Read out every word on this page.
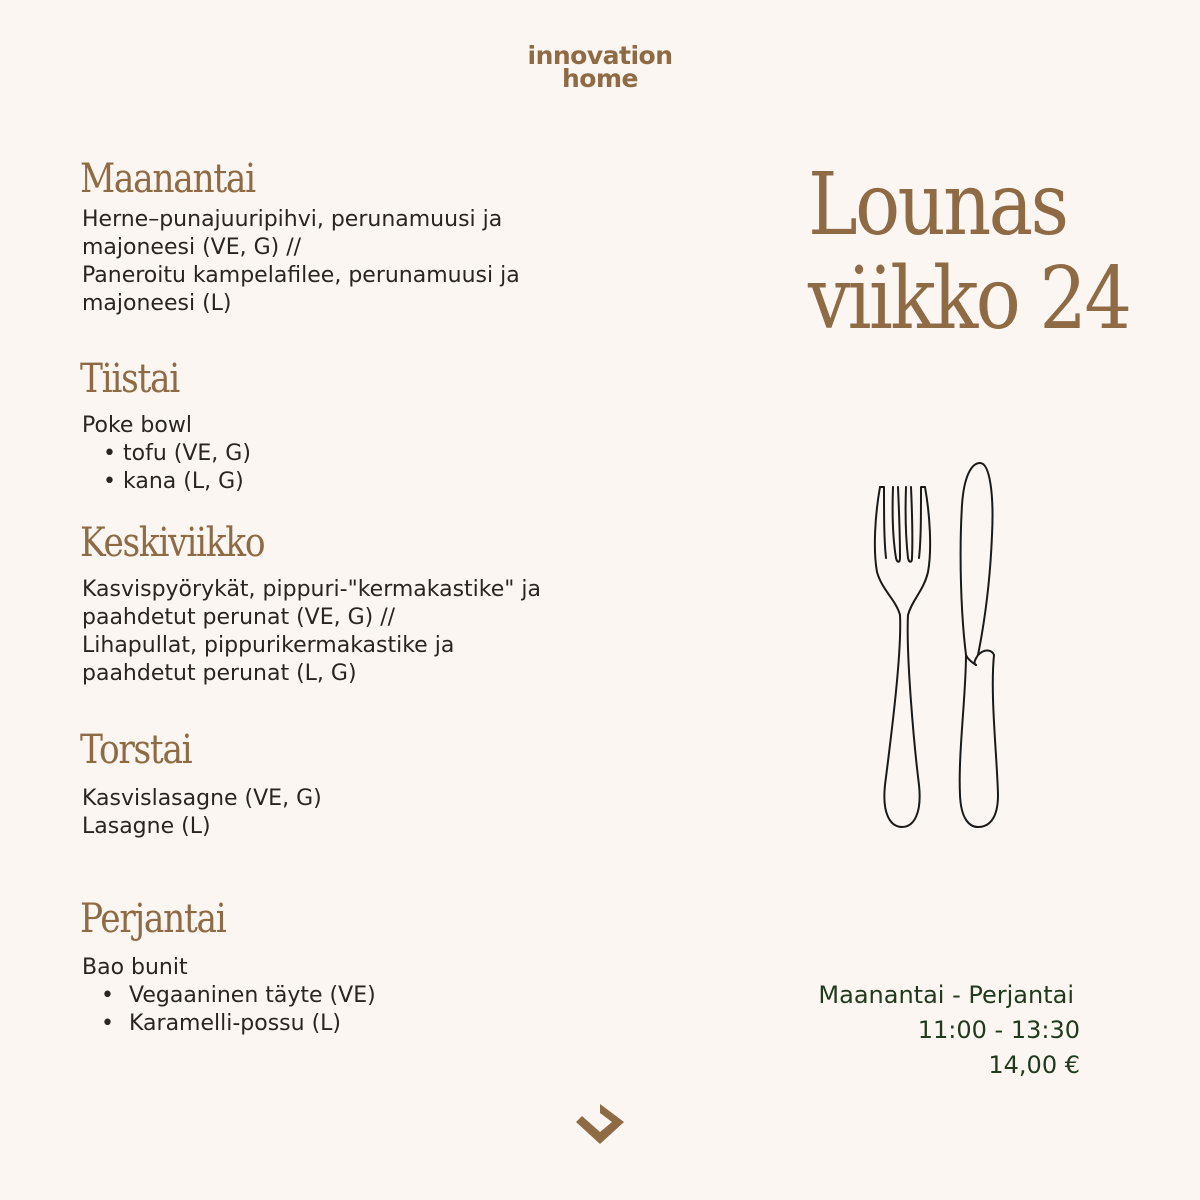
innovation
home
Maanantai

Herne–punajuuripihvi, perunamuusi ja

majoneesi (VE, G) //

Paneroitu kampelafilee, perunamuusi ja

majoneesi (L)

Tiistai

Poke bowl

• tofu (VE, G)
• kana (L, G)
Keskiviikko

Kasvispyörykät, pippuri-"kermakastike" ja

paahdetut perunat (VE, G) //

Lihapullat, pippurikermakastike ja

paahdetut perunat (L, G)

Torstai

Kasvislasagne (VE, G)

Lasagne (L)

Perjantai

Bao bunit

• Vegaaninen täyte (VE)
• Karamelli-possu (L)
Lounas
viikko 24
Maanantai - Perjantai
11:00 - 13:30
14,00 €
